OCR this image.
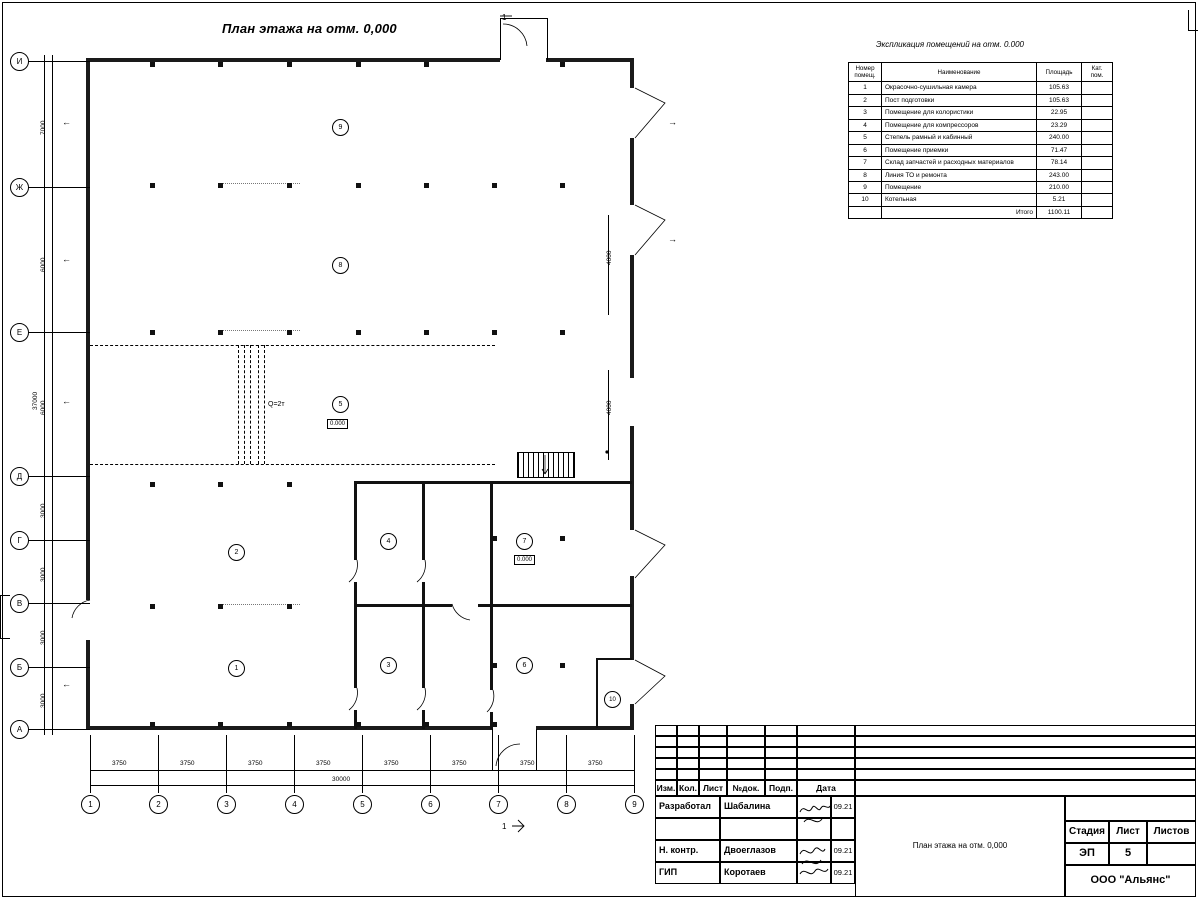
План этажа на отм. 0,000
Экспликация помещений на отм. 0.000
Номер помещ.	Наименование	Площадь	Кат. пом.
1	Окрасочно-сушильная камера	105.63	
2	Пост подготовки	105.63	
3	Помещение для колористики	22.95	
4	Помещение для компрессоров	23.29	
5	Степель рамный и кабинный	240.00	
6	Помещение приемки	71.47	
7	Склад запчастей и расходных материалов	78.14	
8	Линия ТО и ремонта	243.00	
9	Помещение	210.00	
10	Котельная	5.21	
	Итого	1100.11	
Q=2т
9
8
5
4	7
2
3	6
1
10
0.000
0.000
←
←
←
←
→
→
1
1
И
Ж
Е
Д
Г
В
Б
А
7000
6000
6000
3000
3000
3000
3000
37000
4000
4000
3750	3750	3750	3750	3750	3750	3750	3750
30000
1	2	3	4	5	6	7	8	9
Изм. Кол. Лист	№док.	Подп.	Дата
Разработал	Шабалина	09.21
Н. контр.	Двоеглазов	09.21
ГИП	Коротаев	09.21
План этажа на отм. 0,000
Стадия	Лист	Листов
ЭП	5
ООО "Альянс"
